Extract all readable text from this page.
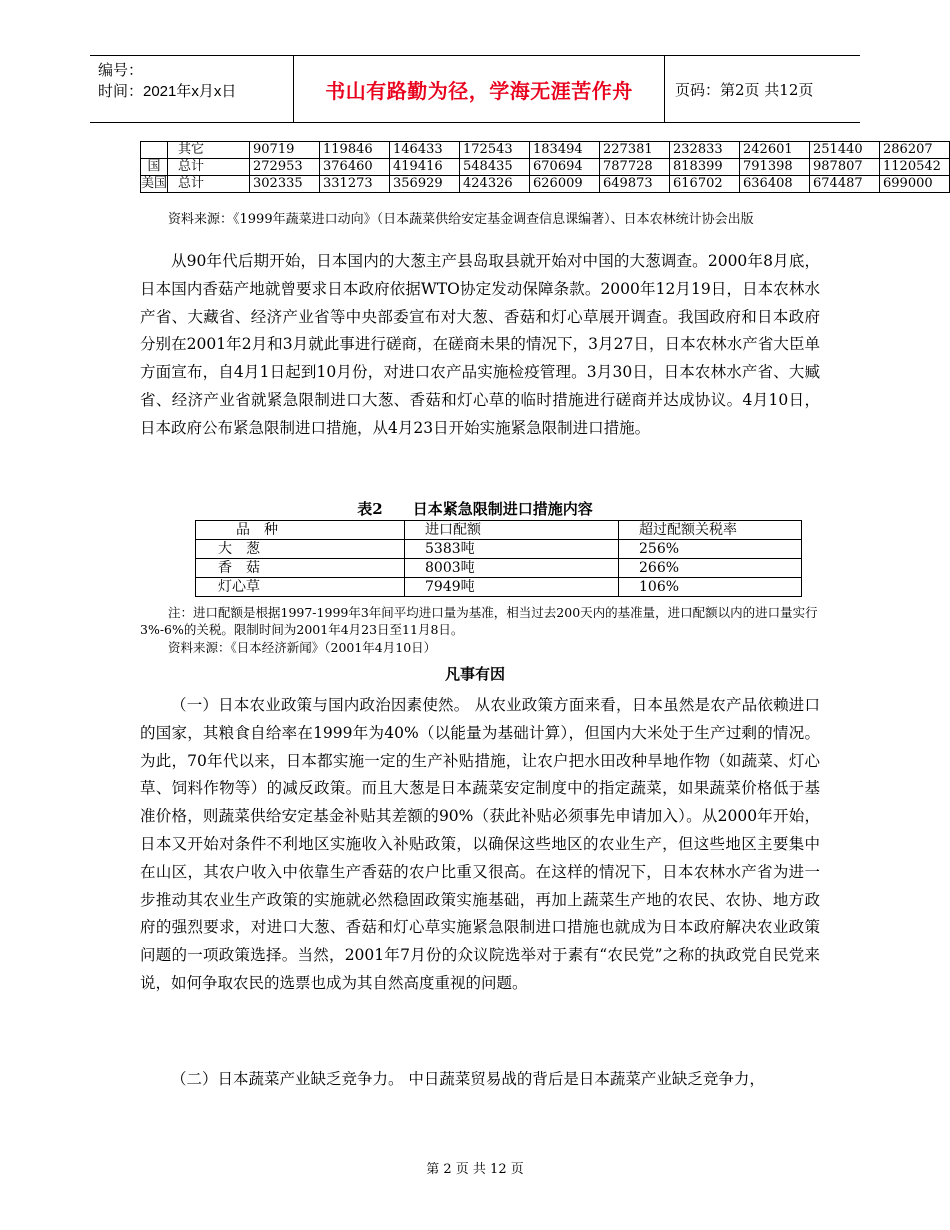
编号：
时间：2021年x月x日	书山有路勤为径，学海无涯苦作舟	页码：第2页 共12页
	其它	90719	119846	146433	172543	183494	227381	232833	242601	251440	286207
国	总计	272953	376460	419416	548435	670694	787728	818399	791398	987807	1120542
美国	总计	302335	331273	356929	424326	626009	649873	616702	636408	674487	699000
资料来源：《1999年蔬菜进口动向》（日本蔬菜供给安定基金调查信息课编著）、日本农林统计协会出版
从90年代后期开始，日本国内的大葱主产县岛取县就开始对中国的大葱调查。2000年8月底，日本国内香菇产地就曾要求日本政府依据WTO协定发动保障条款。2000年12月19日，日本农林水产省、大藏省、经济产业省等中央部委宣布对大葱、香菇和灯心草展开调查。我国政府和日本政府分别在2001年2月和3月就此事进行磋商，在磋商未果的情况下，3月27日，日本农林水产省大臣单方面宣布，自4月1日起到10月份，对进口农产品实施检疫管理。3月30日，日本农林水产省、大臧省、经济产业省就紧急限制进口大葱、香菇和灯心草的临时措施进行磋商并达成协议。4月10日，日本政府公布紧急限制进口措施，从4月23日开始实施紧急限制进口措施。
表2　　日本紧急限制进口措施内容
品　种	进口配额	超过配额关税率
大　葱	5383吨	256%
香　菇	8003吨	266%
灯心草	7949吨	106%
注：进口配额是根据1997-1999年3年间平均进口量为基准，相当过去200天内的基准量，进口配额以内的进口量实行3%-6%的关税。限制时间为2001年4月23日至11月8日。
资料来源：《日本经济新闻》（2001年4月10日）
凡事有因
（一）日本农业政策与国内政治因素使然。 从农业政策方面来看，日本虽然是农产品依赖进口的国家，其粮食自给率在1999年为40%（以能量为基础计算），但国内大米处于生产过剩的情况。为此，70年代以来，日本都实施一定的生产补贴措施，让农户把水田改种旱地作物（如蔬菜、灯心草、饲料作物等）的减反政策。而且大葱是日本蔬菜安定制度中的指定蔬菜，如果蔬菜价格低于基准价格，则蔬菜供给安定基金补贴其差额的90%（获此补贴必须事先申请加入）。从2000年开始，日本又开始对条件不利地区实施收入补贴政策，以确保这些地区的农业生产，但这些地区主要集中在山区，其农户收入中依靠生产香菇的农户比重又很高。在这样的情况下，日本农林水产省为进一步推动其农业生产政策的实施就必然稳固政策实施基础，再加上蔬菜生产地的农民、农协、地方政府的强烈要求，对进口大葱、香菇和灯心草实施紧急限制进口措施也就成为日本政府解决农业政策问题的一项政策选择。当然，2001年7月份的众议院选举对于素有“农民党”之称的执政党自民党来说，如何争取农民的选票也成为其自然高度重视的问题。
（二）日本蔬菜产业缺乏竞争力。 中日蔬菜贸易战的背后是日本蔬菜产业缺乏竞争力，
第 2 页 共 12 页
